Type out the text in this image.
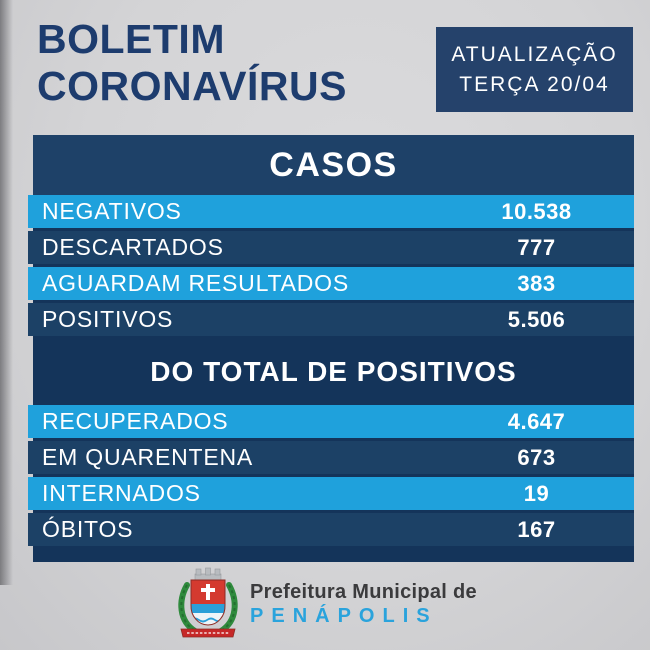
BOLETIM
CORONAVÍRUS
ATUALIZAÇÃO
TERÇA 20/04
CASOS
NEGATIVOS	10.538
DESCARTADOS	777
AGUARDAM RESULTADOS	383
POSITIVOS	5.506
DO TOTAL DE POSITIVOS
RECUPERADOS	4.647
EM QUARENTENA	673
INTERNADOS	19
ÓBITOS	167
Prefeitura Municipal de
PENÁPOLIS
